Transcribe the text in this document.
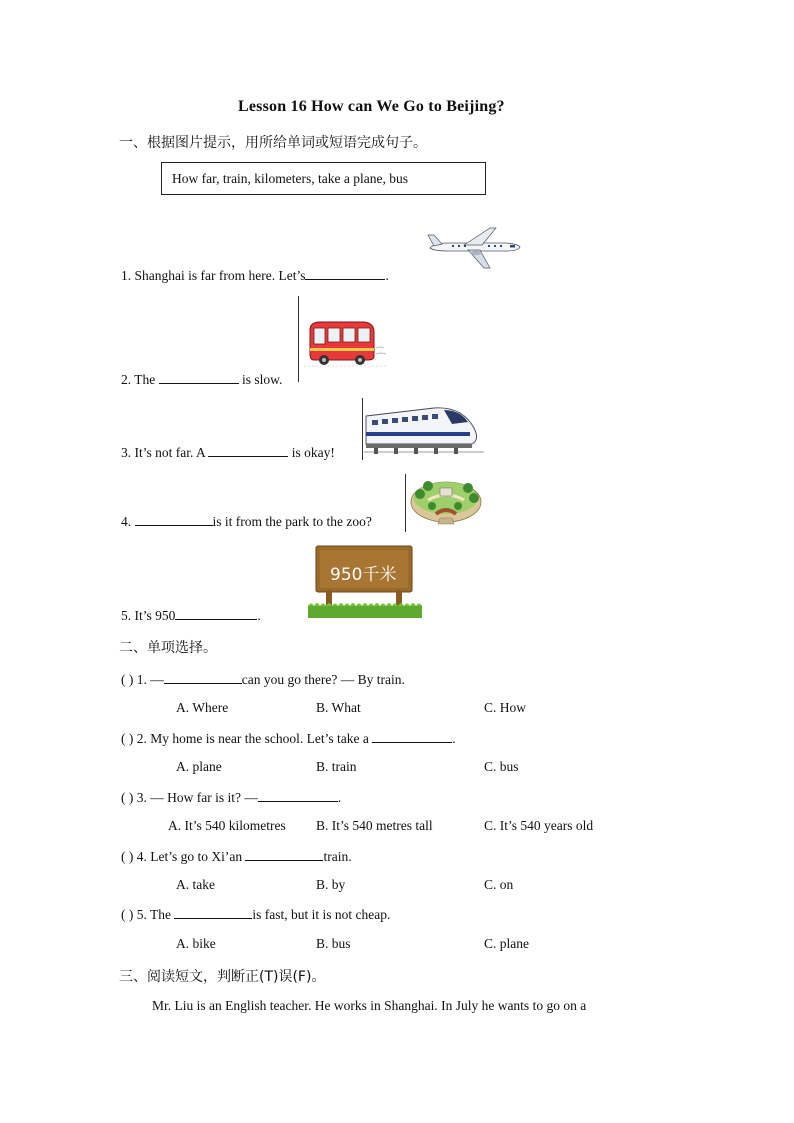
Lesson 16 How can We Go to Beijing?
一、根据图片提示，用所给单词或短语完成句子。
How far, train, kilometers, take a plane, bus
1. Shanghai is far from here. Let’s	.
2. The	is slow.
3. It’s not far. A	is okay!
4.	is it from the park to the zoo?
950千米
5. It’s 950	.
二、单项选择。
( ) 1. —	can you go there? — By train.
A. Where	B. What	C. How
( ) 2. My home is near the school. Let’s take a	.
A. plane	B. train	C. bus
( ) 3. — How far is it? —	.
A. It’s 540 kilometres B. It’s 540 metres tall	C. It’s 540 years old
( ) 4. Let’s go to Xi’an	train.
A. take	B. by	C. on
( ) 5. The	is fast, but it is not cheap.
A. bike	B. bus	C. plane
三、阅读短文，判断正(T)误(F)。
Mr. Liu is an English teacher. He works in Shanghai. In July he wants to go on a
